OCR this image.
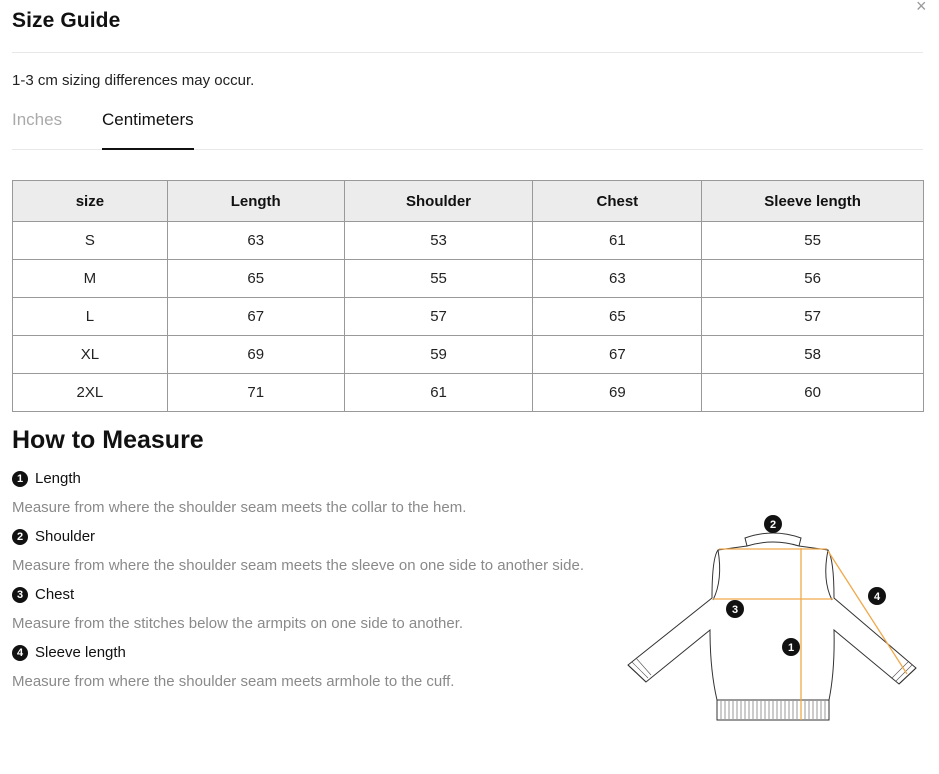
Size Guide
×
1-3 cm sizing differences may occur.
Inches Centimeters
size	Length	Shoulder	Chest	Sleeve length
S	63	53	61	55
M	65	55	63	56
L	67	57	65	57
XL	69	59	67	58
2XL	71	61	69	60
How to Measure
1 Length
Measure from where the shoulder seam meets the collar to the hem.
2 Shoulder
Measure from where the shoulder seam meets the sleeve on one side to another side.
3 Chest
Measure from the stitches below the armpits on one side to another.
4 Sleeve length
Measure from where the shoulder seam meets armhole to the cuff.
1
2
3
4
